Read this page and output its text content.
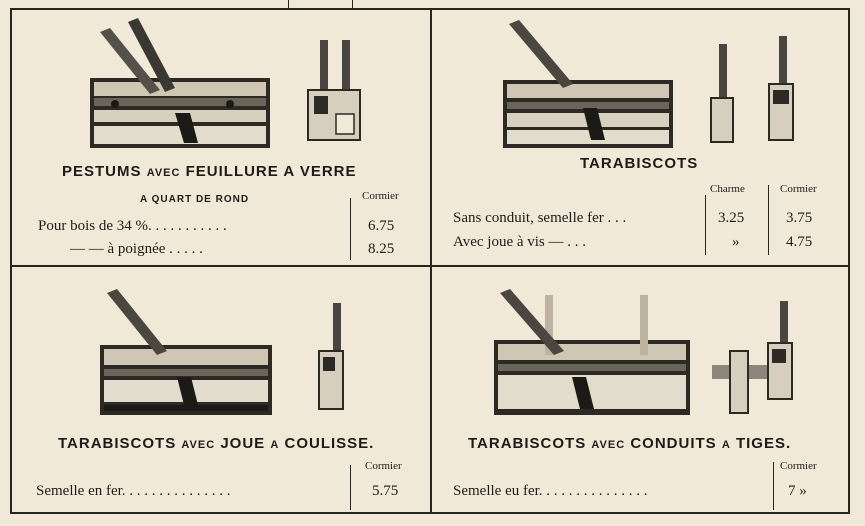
PESTUMS AVEC FEUILLURE A VERRE
A QUART DE ROND	Cormier
Pour bois de 34 %. . . . . . . . . . .	6.75
— — à poignée . . . . .	8.25
TARABISCOTS
Charme	Cormier
Sans conduit, semelle fer . . .	3.25	3.75
Avec joue à vis — . . .	»	4.75
TARABISCOTS AVEC JOUE A COULISSE.
Cormier
Semelle en fer. . . . . . . . . . . . . . .	5.75
TARABISCOTS AVEC CONDUITS A TIGES.
Cormier
Semelle eu fer. . . . . . . . . . . . . . .	7 »
